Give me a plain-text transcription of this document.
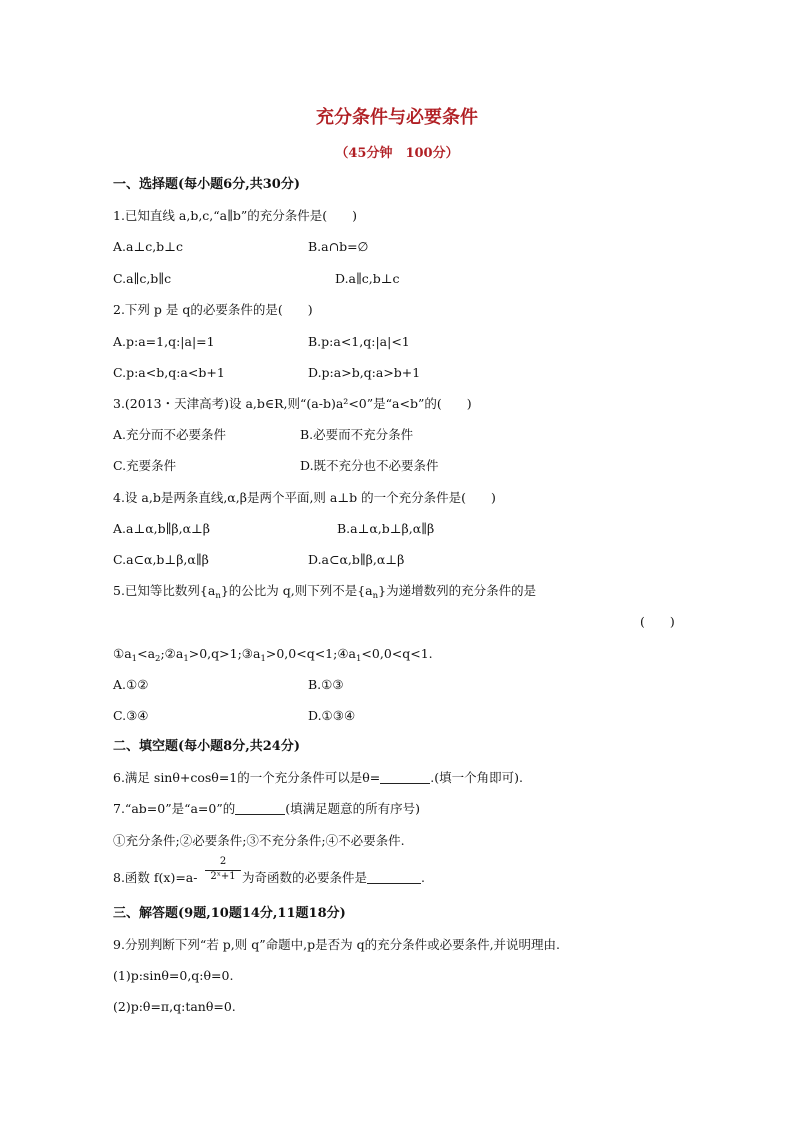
充分条件与必要条件
（45分钟　100分）
一、选择题(每小题6分,共30分)
1.已知直线 a,b,c,“a∥b”的充分条件是(　　)
A.a⊥c,b⊥c	B.a∩b=∅
C.a∥c,b∥c	D.a∥c,b⊥c
2.下列 p 是 q的必要条件的是(　　)
A.p:a=1,q:|a|=1	B.p:a<1,q:|a|<1
C.p:a<b,q:a<b+1	D.p:a>b,q:a>b+1
3.(2013・天津高考)设 a,b∈R,则“(a-b)a²<0”是“a<b”的(　　)
A.充分而不必要条件	B.必要而不充分条件
C.充要条件	D.既不充分也不必要条件
4.设 a,b是两条直线,α,β是两个平面,则 a⊥b 的一个充分条件是(　　)
A.a⊥α,b∥β,α⊥β	B.a⊥α,b⊥β,α∥β
C.a⊂α,b⊥β,α∥β	D.a⊂α,b∥β,α⊥β
5.已知等比数列$\{a_n\}$的公比为 q,则下列不是$\{a_n\}$为递增数列的充分条件的是
(　　)
$①a_1<a_2;②a_1>0,q>1;③a_1>0,0<q<1;④a_1<0,0<q<1$.
A.①②	B.①③
C.③④	D.①③④
二、填空题(每小题8分,共24分)
6.满足 sinθ+cosθ=1的一个充分条件可以是θ=	.(填一个角即可).
7.“ab=0”是“a=0”的	(填满足题意的所有序号)
①充分条件;②必要条件;③不充分条件;④不必要条件.
8.函数 f(x)=a-
2
2ˣ+1 为奇函数的必要条件是	.
三、解答题(9题,10题14分,11题18分)
9.分别判断下列“若 p,则 q”命题中,p是否为 q的充分条件或必要条件,并说明理由.
(1)p:sinθ=0,q:θ=0.
(2)p:θ=π,q:tanθ=0.
